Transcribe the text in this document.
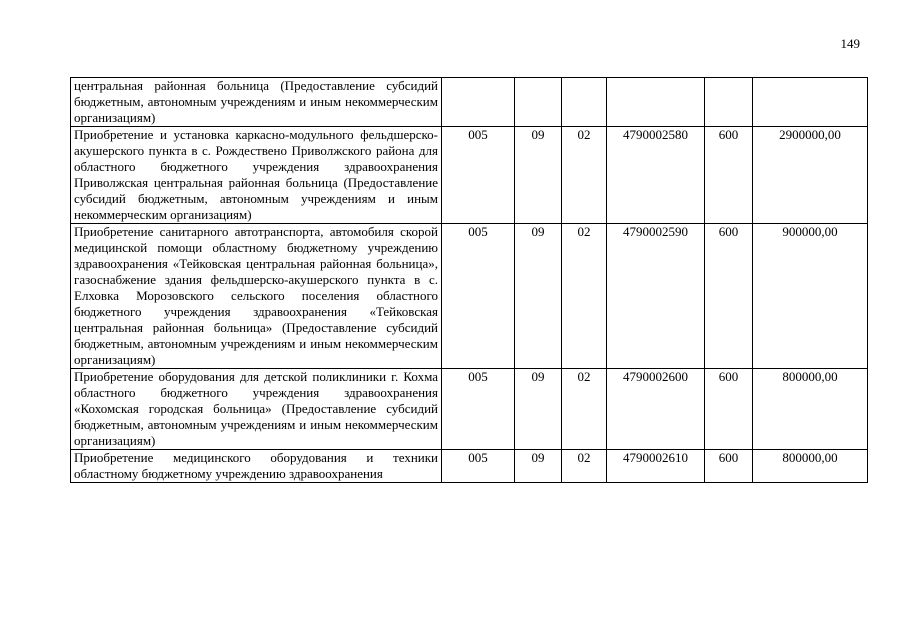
149
центральная районная больница (Предоставление субсидий бюджетным, автономным учреждениям и иным некоммерческим организациям)						
Приобретение и установка каркасно-модульного фельдшерско-акушерского пункта в с. Рождествено Приволжского района для областного бюджетного учреждения здравоохранения Приволжская центральная районная больница (Предоставление субсидий бюджетным, автономным учреждениям и иным некоммерческим организациям)	005	09	02	4790002580	600	2900000,00
Приобретение санитарного автотранспорта, автомобиля скорой медицинской помощи областному бюджетному учреждению здравоохранения «Тейковская центральная районная больница», газоснабжение здания фельдшерско-акушерского пункта в с. Елховка Морозовского сельского поселения областного бюджетного учреждения здравоохранения «Тейковская центральная районная больница» (Предоставление субсидий бюджетным, автономным учреждениям и иным некоммерческим организациям)	005	09	02	4790002590	600	900000,00
Приобретение оборудования для детской поликлиники г. Кохма областного бюджетного учреждения здравоохранения «Кохомская городская больница» (Предоставление субсидий бюджетным, автономным учреждениям и иным некоммерческим организациям)	005	09	02	4790002600	600	800000,00
Приобретение медицинского оборудования и техники областному бюджетному учреждению здравоохранения	005	09	02	4790002610	600	800000,00
